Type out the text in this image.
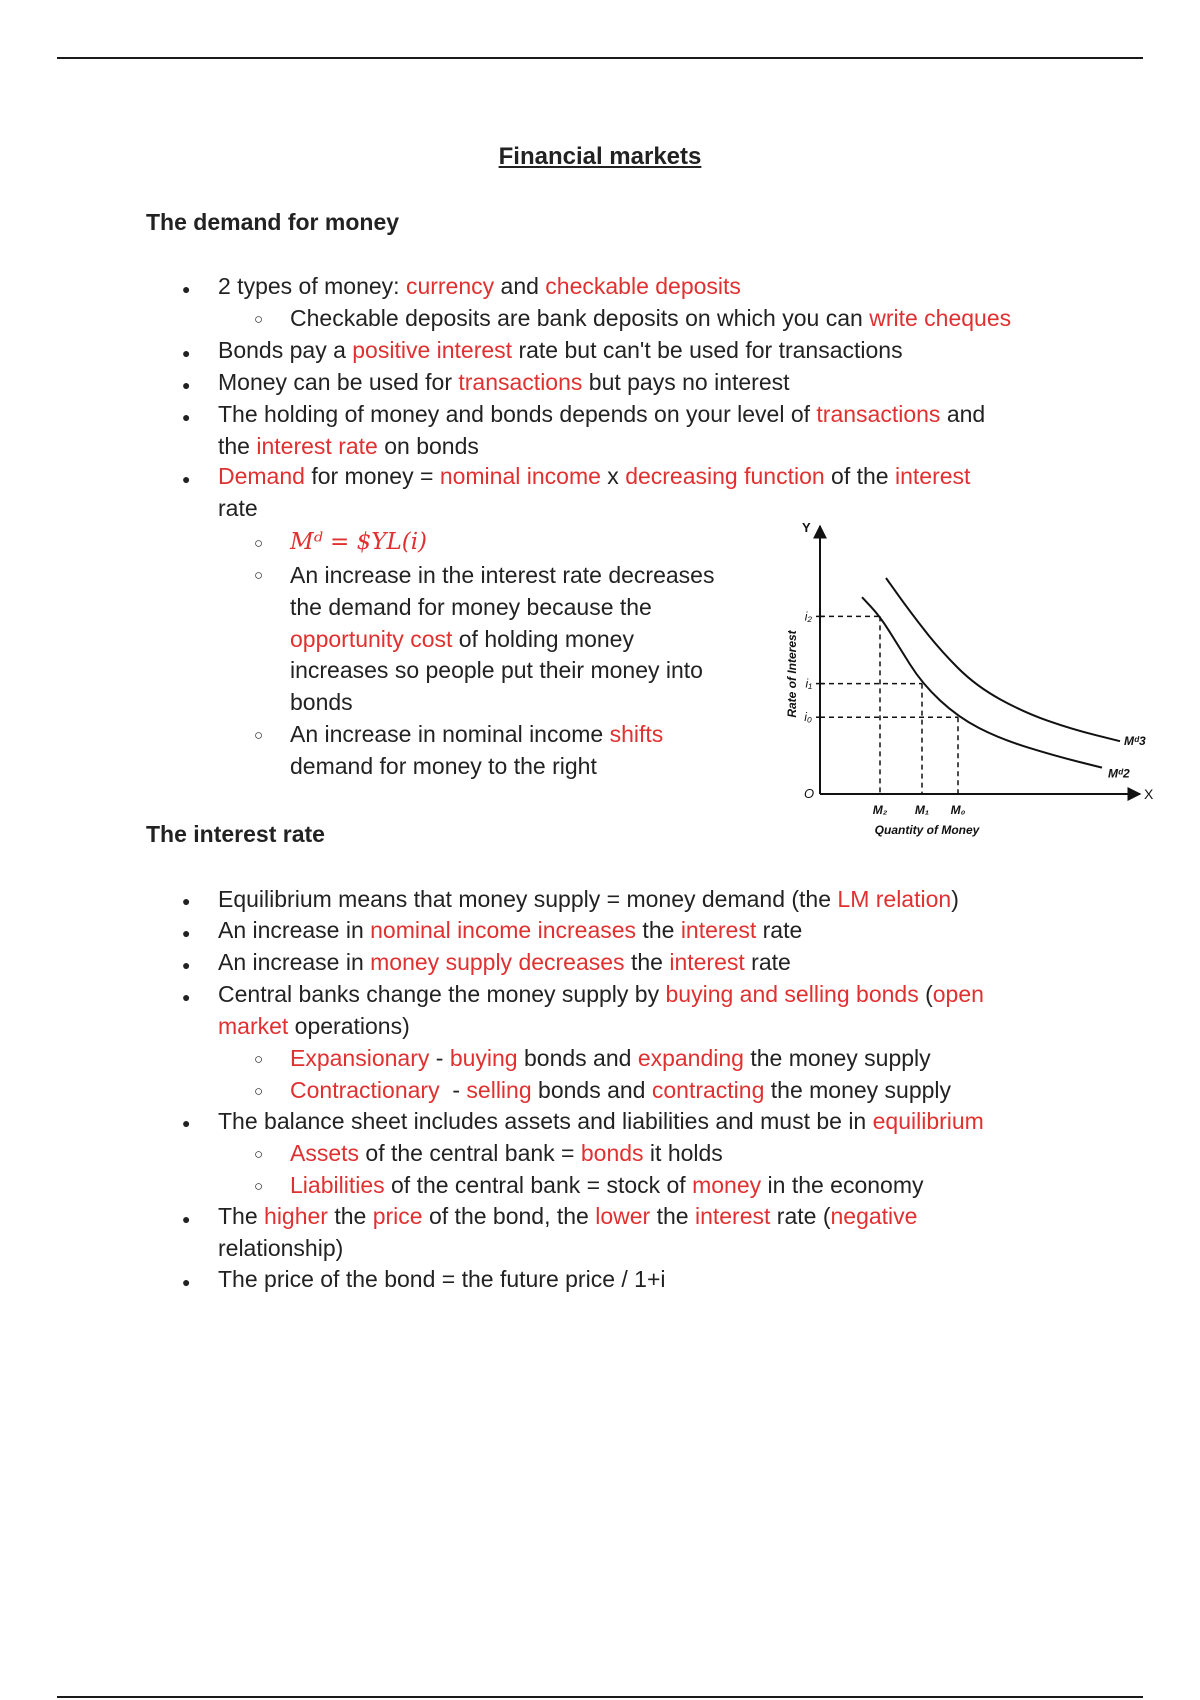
Financial markets
The demand for money
● 2 types of money: currency and checkable deposits
○ Checkable deposits are bank deposits on which you can write cheques
● Bonds pay a positive interest rate but can't be used for transactions
● Money can be used for transactions but pays no interest
● The holding of money and bonds depends on your level of transactions and
the interest rate on bonds
● Demand for money = nominal income x decreasing function of the interest
rate
○ Mᵈ = $YL(i)
○ An increase in the interest rate decreases
the demand for money because the
opportunity cost of holding money
increases so people put their money into
bonds
○ An increase in nominal income shifts
demand for money to the right
Y
X
O
Quantity of Money
Rate of Interest
i₂
i₁
i₀
M₂ M₁ M₀
Mᵈ2
Mᵈ3
The interest rate
● Equilibrium means that money supply = money demand (the LM relation)
● An increase in nominal income increases the interest rate
● An increase in money supply decreases the interest rate
● Central banks change the money supply by buying and selling bonds (open
market operations)
○ Expansionary - buying bonds and expanding the money supply
○ Contractionary  - selling bonds and contracting the money supply
● The balance sheet includes assets and liabilities and must be in equilibrium
○ Assets of the central bank = bonds it holds
○ Liabilities of the central bank = stock of money in the economy
● The higher the price of the bond, the lower the interest rate (negative
relationship)
● The price of the bond = the future price / 1+i
